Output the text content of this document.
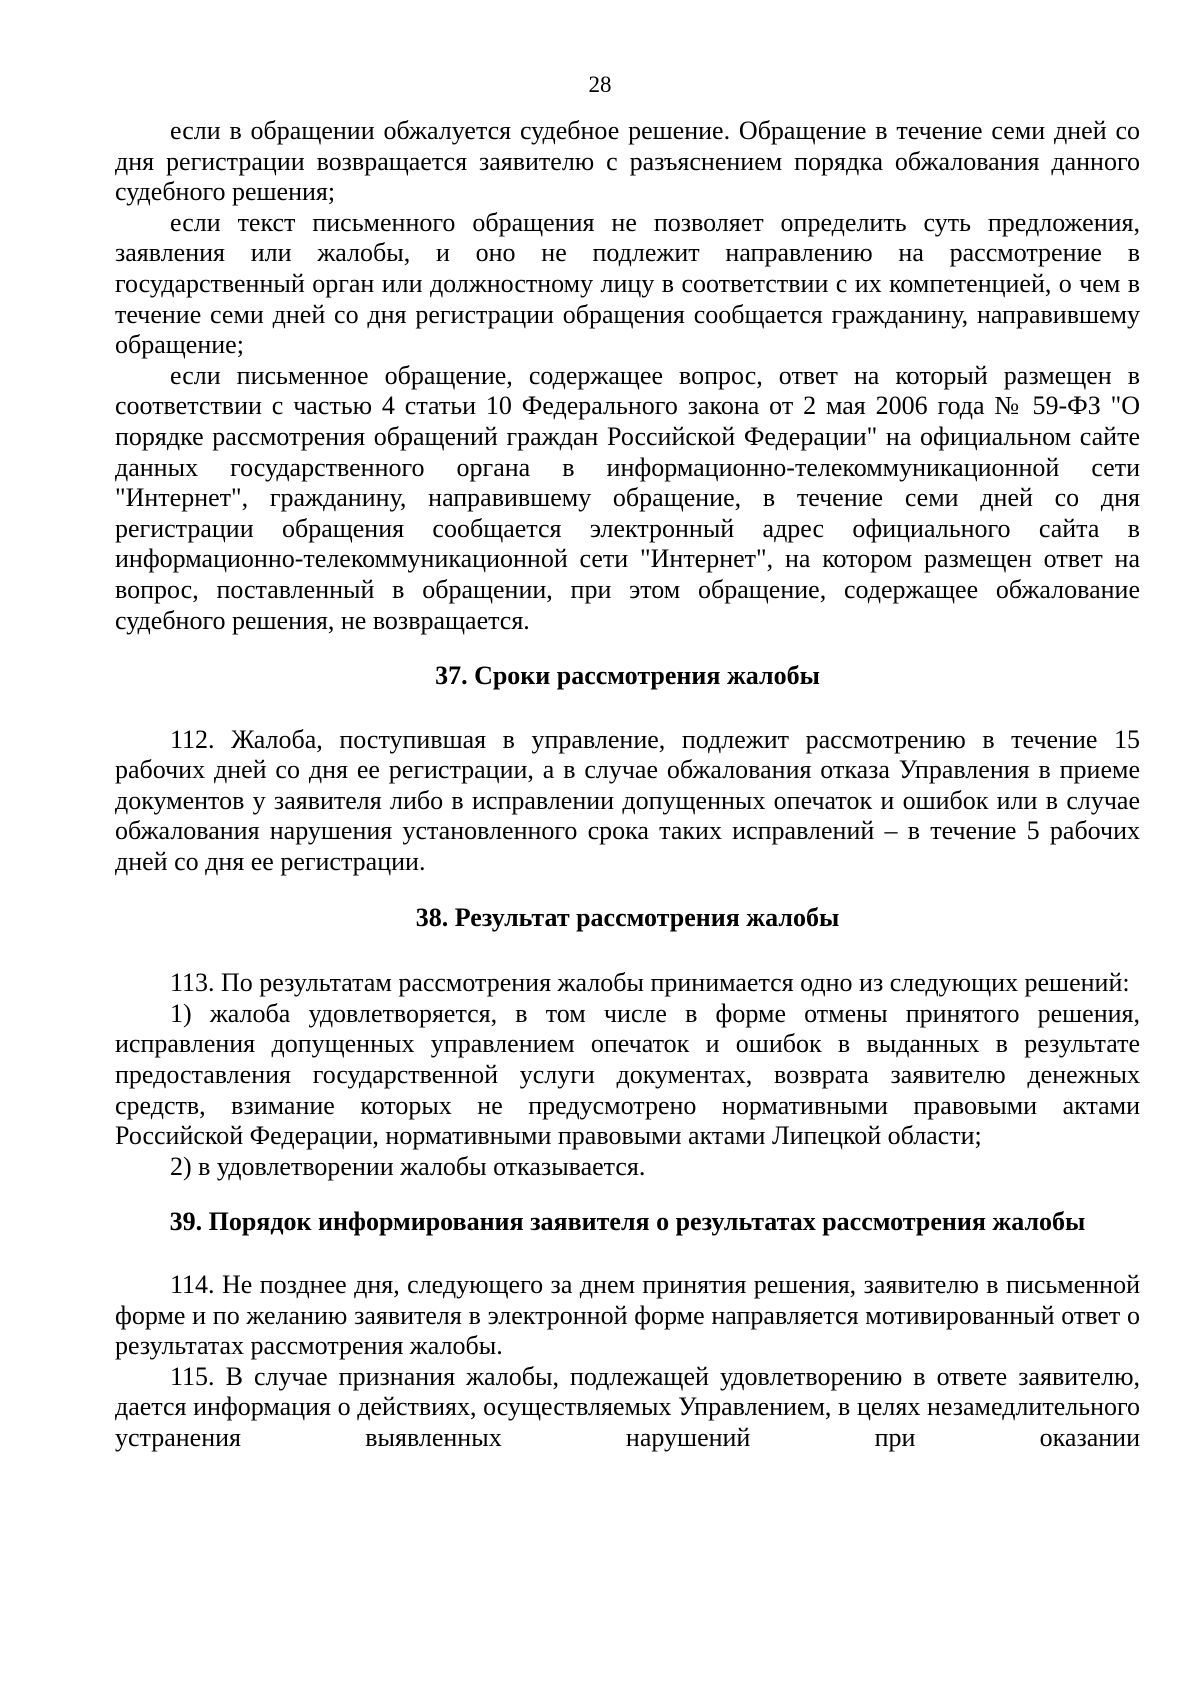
28

если в обращении обжалуется судебное решение. Обращение в течение семи дней со дня регистрации возвращается заявителю с разъяснением порядка обжалования данного судебного решения;

если текст письменного обращения не позволяет определить суть предложения, заявления или жалобы, и оно не подлежит направлению на рассмотрение в государственный орган или должностному лицу в соответствии с их компетенцией, о чем в течение семи дней со дня регистрации обращения сообщается гражданину, направившему обращение;

если письменное обращение, содержащее вопрос, ответ на который размещен в соответствии с частью 4 статьи 10 Федерального закона от 2 мая 2006 года № 59-ФЗ "О порядке рассмотрения обращений граждан Российской Федерации" на официальном сайте данных государственного органа в информационно-телекоммуникационной сети "Интернет", гражданину, направившему обращение, в течение семи дней со дня регистрации обращения сообщается электронный адрес официального сайта в информационно-телекоммуникационной сети "Интернет", на котором размещен ответ на вопрос, поставленный в обращении, при этом обращение, содержащее обжалование судебного решения, не возвращается.

37. Сроки рассмотрения жалобы

112. Жалоба, поступившая в управление, подлежит рассмотрению в течение 15 рабочих дней со дня ее регистрации, а в случае обжалования отказа Управления в приеме документов у заявителя либо в исправлении допущенных опечаток и ошибок или в случае обжалования нарушения установленного срока таких исправлений – в течение 5 рабочих дней со дня ее регистрации.

38. Результат рассмотрения жалобы

113. По результатам рассмотрения жалобы принимается одно из следующих решений:

1) жалоба удовлетворяется, в том числе в форме отмены принятого решения, исправления допущенных управлением опечаток и ошибок в выданных в результате предоставления государственной услуги документах, возврата заявителю денежных средств, взимание которых не предусмотрено нормативными правовыми актами Российской Федерации, нормативными правовыми актами Липецкой области;

2) в удовлетворении жалобы отказывается.

39. Порядок информирования заявителя о результатах рассмотрения жалобы

114. Не позднее дня, следующего за днем принятия решения, заявителю в письменной форме и по желанию заявителя в электронной форме направляется мотивированный ответ о результатах рассмотрения жалобы.

115. В случае признания жалобы, подлежащей удовлетворению в ответе заявителю, дается информация о действиях, осуществляемых Управлением, в целях незамедлительного устранения выявленных нарушений при оказании
